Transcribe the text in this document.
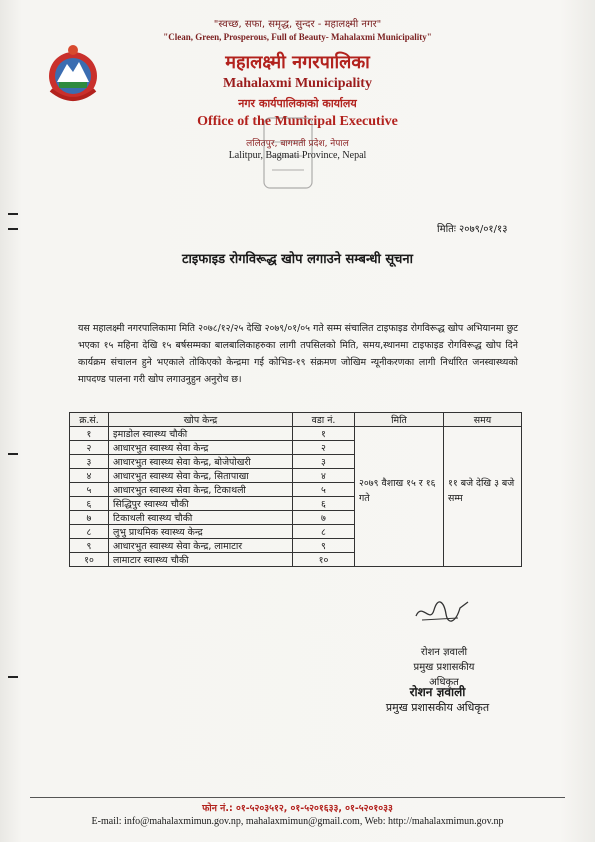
"स्वच्छ, सफा, समृद्ध, सुन्दर - महालक्ष्मी नगर"
"Clean, Green, Prosperous, Full of Beauty- Mahalaxmi Municipality"
महालक्ष्मी नगरपालिका
Mahalaxmi Municipality
नगर कार्यपालिकाको कार्यालय
Office of the Municipal Executive
ललितपुर, बागमती प्रदेश, नेपाल
Lalitpur, Bagmati Province, Nepal
मितिः २०७९/०१/१३
टाइफाइड रोगविरूद्ध खोप लगाउने सम्बन्धी सूचना
यस महालक्ष्मी नगरपालिकामा मिति २०७८/१२/२५ देखि २०७९/०१/०५ गते सम्म संचालित टाइफाइड रोगविरूद्ध खोप अभियानमा छुट भएका १५ महिना देखि १५ बर्षसम्मका बालबालिकाहरुका लागी तपसिलको मिति, समय,स्थानमा टाइफाइड रोगविरूद्ध खोप दिने कार्यक्रम संचालन हुने भएकाले तोकिएको केन्द्रमा गई कोभिड-१९ संक्रमण जोखिम न्यूनीकरणका लागी निर्धारित जनस्वास्थ्यको मापदण्ड पालना गरी खोप लगाउनुहुन अनुरोध छ।
क्र.सं.	खोप केन्द्र	वडा नं.	मिति	समय
१	इमाडोल स्वास्थ्य चौकी	१	२०७९ वैशाख १५ र १६ गते	११ बजे देखि ३ बजे सम्म
२	आधारभुत स्वास्थ्य सेवा केन्द्र	२		
३	आधारभुत स्वास्थ्य सेवा केन्द्र, बोजेपोखरी	३		
४	आधारभुत स्वास्थ्य सेवा केन्द्र, सितापाखा	४		
५	आधारभुत स्वास्थ्य सेवा केन्द्र, टिकाथली	५		
६	सिद्धिपुर स्वास्थ्य चौकी	६		
७	टिकाथली स्वास्थ्य चौकी	७		
८	लुभु प्राथमिक स्वास्थ्य केन्द्र	८		
९	आधारभुत स्वास्थ्य सेवा केन्द्र, लामाटार	९		
१०	लामाटार स्वास्थ्य चौकी	१०		
रोशन ज्ञवाली
प्रमुख प्रशासकीय अधिकृत
रोशन ज्ञवाली
प्रमुख प्रशासकीय अधिकृत
फोन नं.: ०१-५२०३५१२, ०१-५२०१६३३, ०१-५२०१०३३
E-mail: info@mahalaxmimun.gov.np, mahalaxmimun@gmail.com, Web: http://mahalaxmimun.gov.np
